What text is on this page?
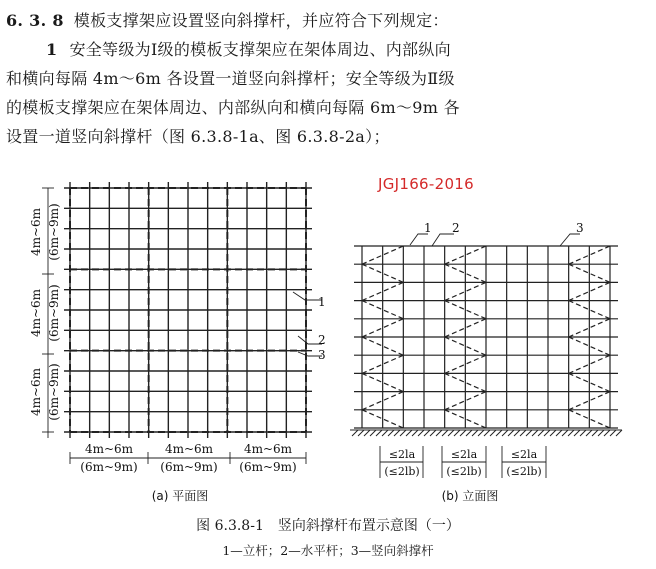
6. 3. 8 模板支撑架应设置竖向斜撑杆，并应符合下列规定：

1 安全等级为Ⅰ级的模板支撑架应在架体周边、内部纵向

和横向每隔 4m～6m 各设置一道竖向斜撑杆；安全等级为Ⅱ级

的模板支撑架应在架体周边、内部纵向和横向每隔 6m～9m 各

设置一道竖向斜撑杆（图 6.3.8-1a、图 6.3.8-2a）；

JGJ166-2016
4m~6m (6m~9m)
4m~6m (6m~9m)
4m~6m (6m~9m)
4m~6m
(6m~9m)
4m~6m
(6m~9m)
4m~6m
(6m~9m)
1
2
3
(a) 平面图
1 2	3
≤2la
(≤2lb)
≤2la
(≤2lb)
≤2la
(≤2lb)
(b) 立面图
图 6.3.8-1　竖向斜撑杆布置示意图（一）
1—立杆；2—水平杆；3—竖向斜撑杆
